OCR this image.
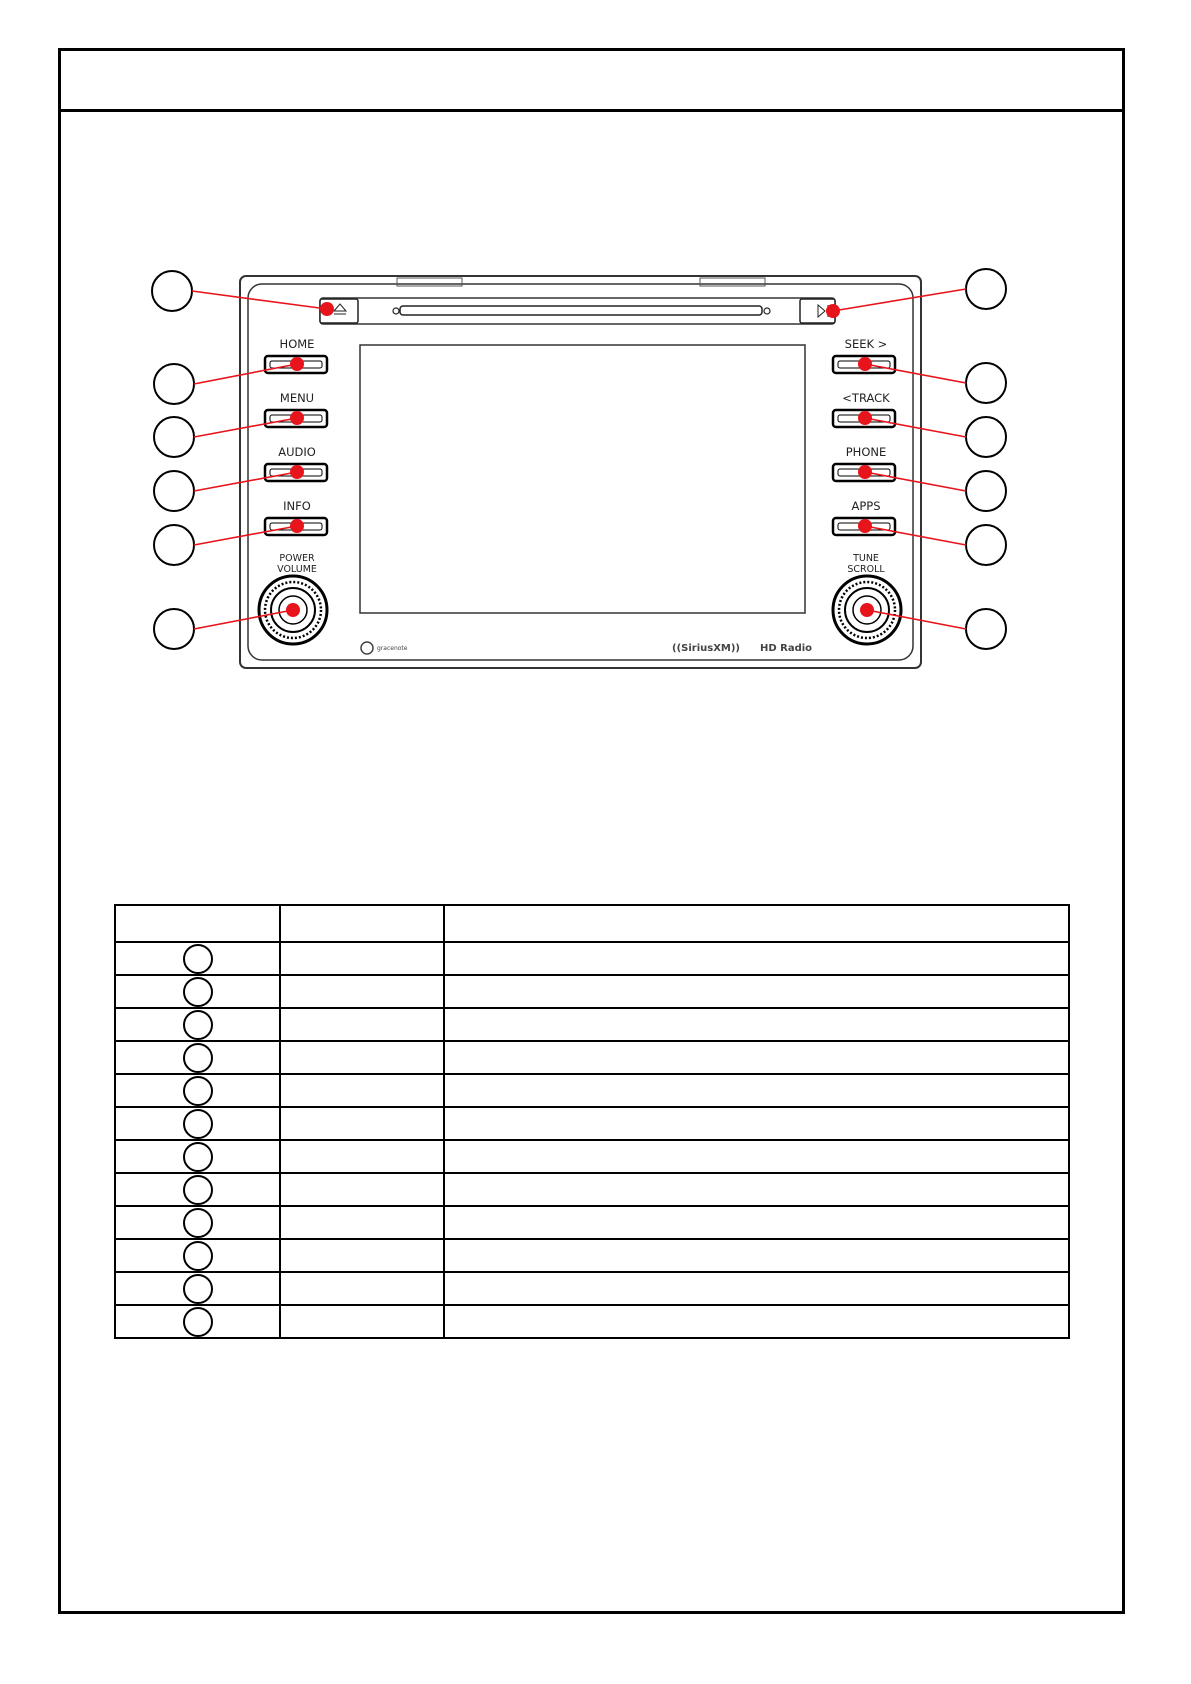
HOME
MENU
AUDIO
INFO
POWER
VOLUME
SEEK >
<TRACK
PHONE
APPS
TUNE
SCROLL
gracenote	((SiriusXM)) HD Radio
